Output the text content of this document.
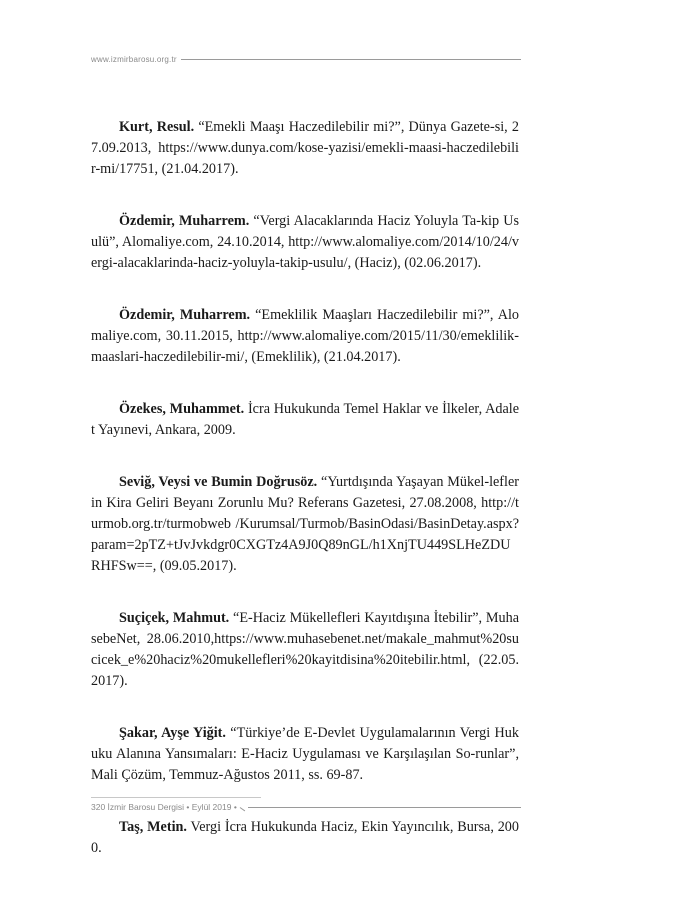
www.izmirbarosu.org.tr

Kurt, Resul. “Emekli Maaşı Haczedilebilir mi?”, Dünya Gazete-si, 27.09.2013, https://www.dunya.com/kose-yazisi/emekli-maasi-haczedilebilir-mi/17751, (21.04.2017).

Özdemir, Muharrem. “Vergi Alacaklarında Haciz Yoluyla Ta-kip Usulü”, Alomaliye.com, 24.10.2014, http://www.alomaliye.com/2014/10/24/vergi-alacaklarinda-haciz-yoluyla-takip-usulu/, (Haciz), (02.06.2017).

Özdemir, Muharrem. “Emeklilik Maaşları Haczedilebilir mi?”, Alomaliye.com, 30.11.2015, http://www.alomaliye.com/2015/11/30/emeklilik-maaslari-haczedilebilir-mi/, (Emeklilik), (21.04.2017).

Özekes, Muhammet. İcra Hukukunda Temel Haklar ve İlkeler, Adalet Yayınevi, Ankara, 2009.

Seviğ, Veysi ve Bumin Doğrusöz. “Yurtdışında Yaşayan Mükel-leflerin Kira Geliri Beyanı Zorunlu Mu? Referans Gazetesi, 27.08.2008, http://turmob.org.tr/turmobweb /Kurumsal/Turmob/BasinOdasi/BasinDetay.aspx?param=2pTZ+tJvJvkdgr0CXGTz4A9J0Q89nGL/h1XnjTU449SLHeZDURHFSw==, (09.05.2017).

Suçiçek, Mahmut. “E-Haciz Mükellefleri Kayıtdışına İtebilir”, MuhasebeNet, 28.06.2010,https://www.muhasebenet.net/makale_mahmut%20sucicek_e%20haciz%20mukellefleri%20kayitdisina%20itebilir.html, (22.05.2017).

Şakar, Ayşe Yiğit. “Türkiye’de E-Devlet Uygulamalarının Vergi Hukuku Alanına Yansımaları: E-Haciz Uygulaması ve Karşılaşılan So-runlar”, Mali Çözüm, Temmuz-Ağustos 2011, ss. 69-87.

Taş, Metin. Vergi İcra Hukukunda Haciz, Ekin Yayıncılık, Bursa, 2000.

320 İzmir Barosu Dergisi • Eylül 2019 •
